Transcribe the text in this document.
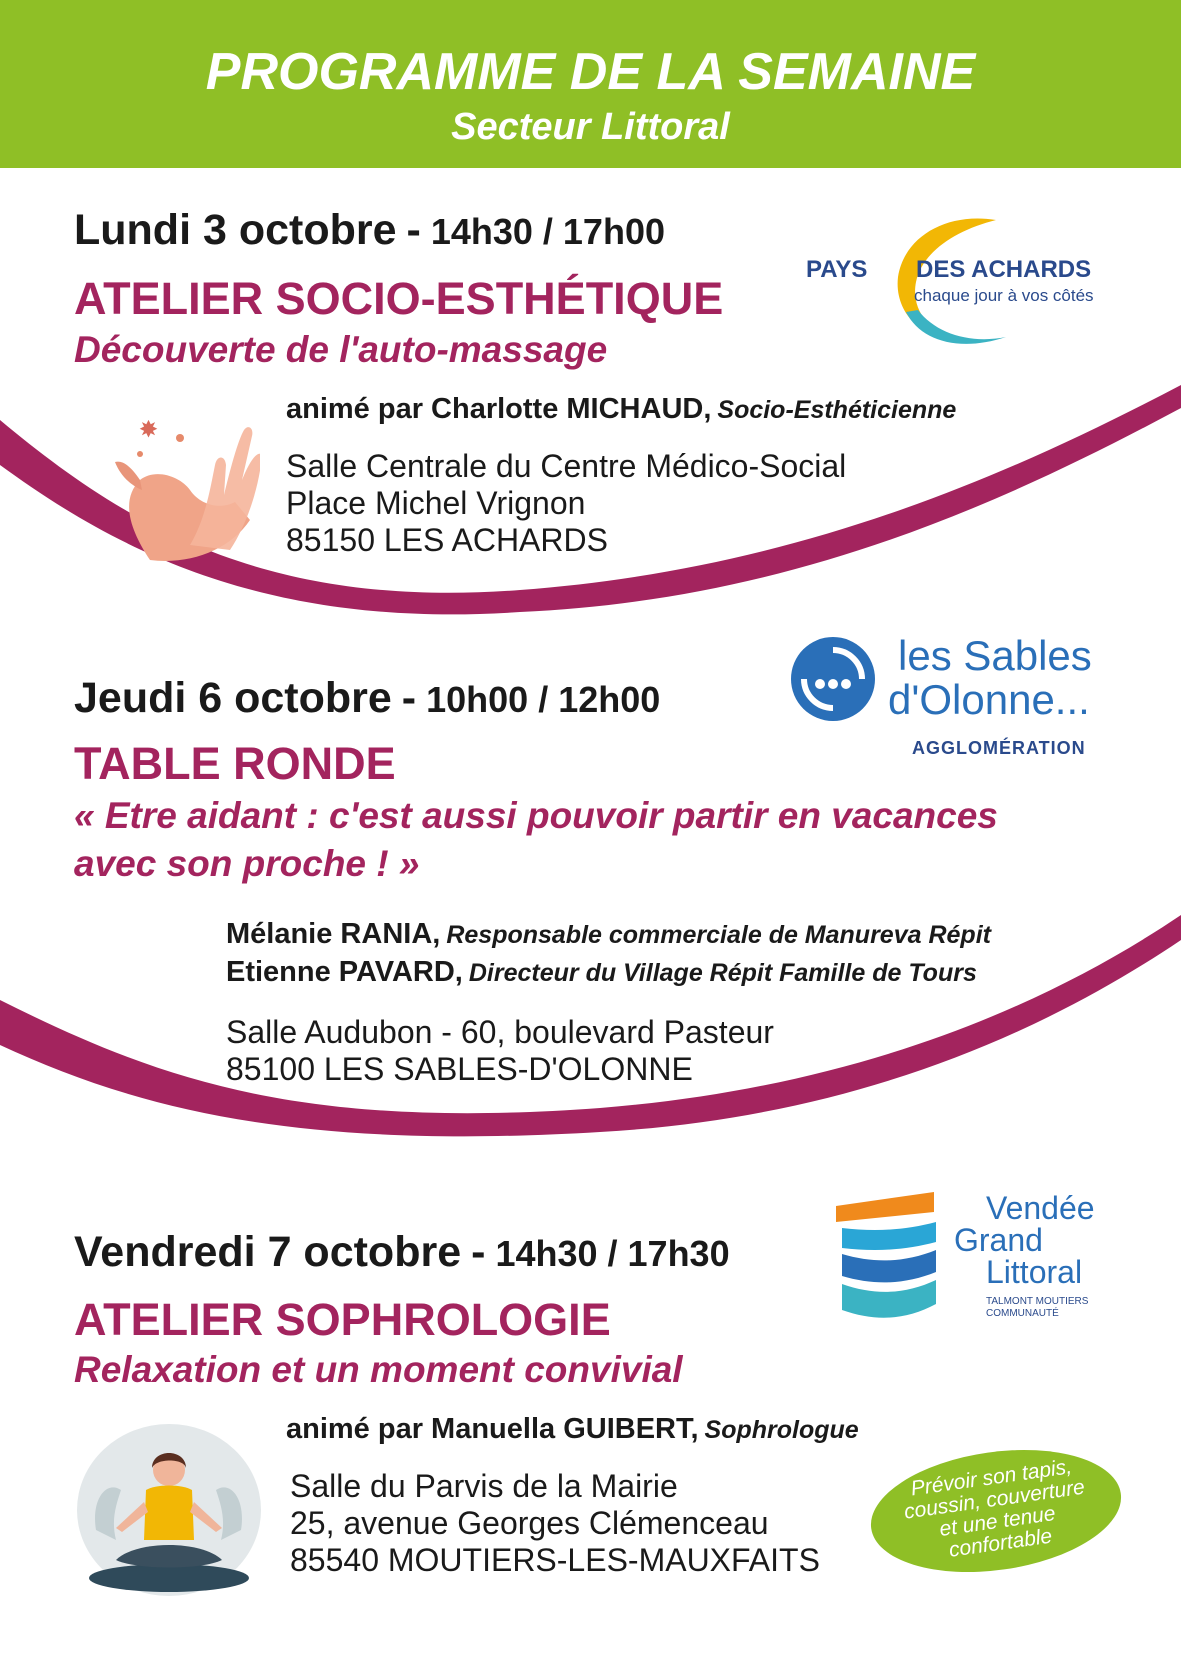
PROGRAMME DE LA SEMAINE
Secteur Littoral
Lundi 3 octobre - 14h30 / 17h00
ATELIER SOCIO-ESTHÉTIQUE
Découverte de l'auto-massage
animé par Charlotte MICHAUD, Socio-Esthéticienne
Salle Centrale du Centre Médico-Social
Place Michel Vrignon
85150 LES ACHARDS
PAYS DES ACHARDS
chaque jour à vos côtés
Jeudi 6 octobre - 10h00 / 12h00
TABLE RONDE
« Etre aidant : c'est aussi pouvoir partir en vacances
avec son proche ! »
Mélanie RANIA, Responsable commerciale de Manureva Répit
Etienne PAVARD, Directeur du Village Répit Famille de Tours
Salle Audubon - 60, boulevard Pasteur
85100 LES SABLES-D'OLONNE
les Sables
d'Olonne...
AGGLOMÉRATION
Vendredi 7 octobre - 14h30 / 17h30
ATELIER SOPHROLOGIE
Relaxation et un moment convivial
animé par Manuella GUIBERT, Sophrologue
Salle du Parvis de la Mairie
25, avenue Georges Clémenceau
85540 MOUTIERS-LES-MAUXFAITS
Vendée
Grand
Littoral
TALMONT MOUTIERS
COMMUNAUTÉ
Prévoir son tapis, coussin, couverture et une tenue confortable
